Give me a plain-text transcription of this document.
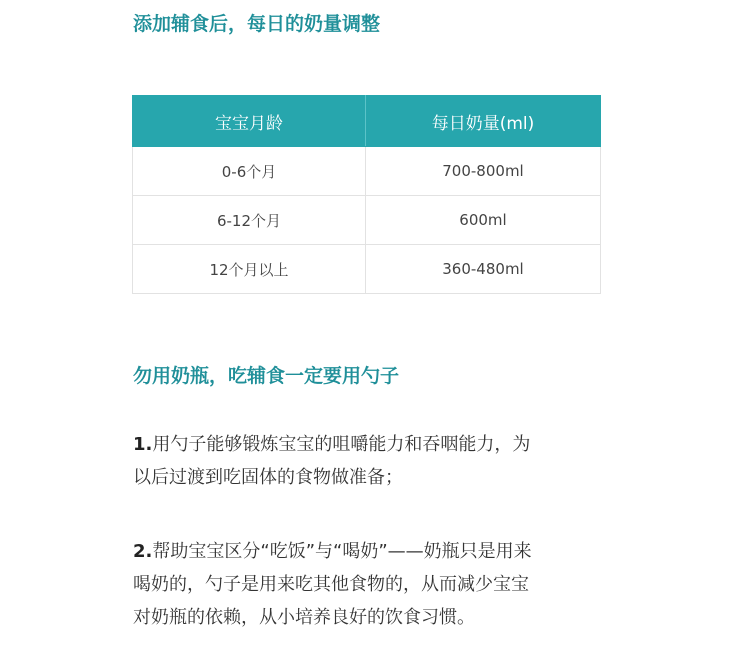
添加辅食后，每日的奶量调整
宝宝月龄	每日奶量(ml)
0-6个月	700-800ml
6-12个月	600ml
12个月以上	360-480ml
勿用奶瓶，吃辅食一定要用勺子

1.用勺子能够锻炼宝宝的咀嚼能力和吞咽能力，为
以后过渡到吃固体的食物做准备；

2.帮助宝宝区分“吃饭”与“喝奶”——奶瓶只是用来
喝奶的，勺子是用来吃其他食物的，从而减少宝宝
对奶瓶的依赖，从小培养良好的饮食习惯。
